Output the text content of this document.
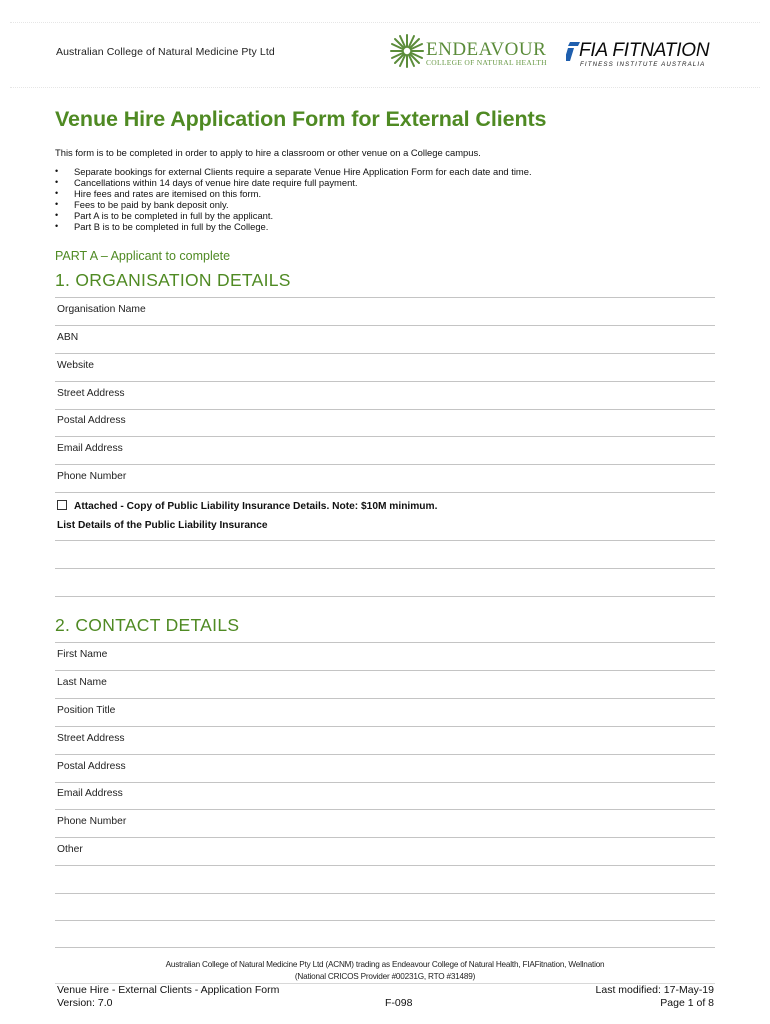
Australian College of Natural Medicine Pty Ltd	ENDEAVOUR
COLLEGE OF NATURAL HEALTH
FIA FITNATION
FITNESS INSTITUTE AUSTRALIA
Venue Hire Application Form for External Clients
This form is to be completed in order to apply to hire a classroom or other venue on a College campus.
• Separate bookings for external Clients require a separate Venue Hire Application Form for each date and time.
• Cancellations within 14 days of venue hire date require full payment.
• Hire fees and rates are itemised on this form.
• Fees to be paid by bank deposit only.
• Part A is to be completed in full by the applicant.
• Part B is to be completed in full by the College.
PART A – Applicant to complete
1. ORGANISATION DETAILS
Organisation Name
ABN
Website
Street Address
Postal Address
Email Address
Phone Number
Attached - Copy of Public Liability Insurance Details. Note: $10M minimum.
List Details of the Public Liability Insurance
2. CONTACT DETAILS
First Name
Last Name
Position Title
Street Address
Postal Address
Email Address
Phone Number
Other
Australian College of Natural Medicine Pty Ltd (ACNM) trading as Endeavour College of Natural Health, FIAFitnation, Wellnation
(National CRICOS Provider #00231G, RTO #31489)
Venue Hire - External Clients - Application Form
Version: 7.0	F-098
Last modified: 17-May-19
Page 1 of 8
